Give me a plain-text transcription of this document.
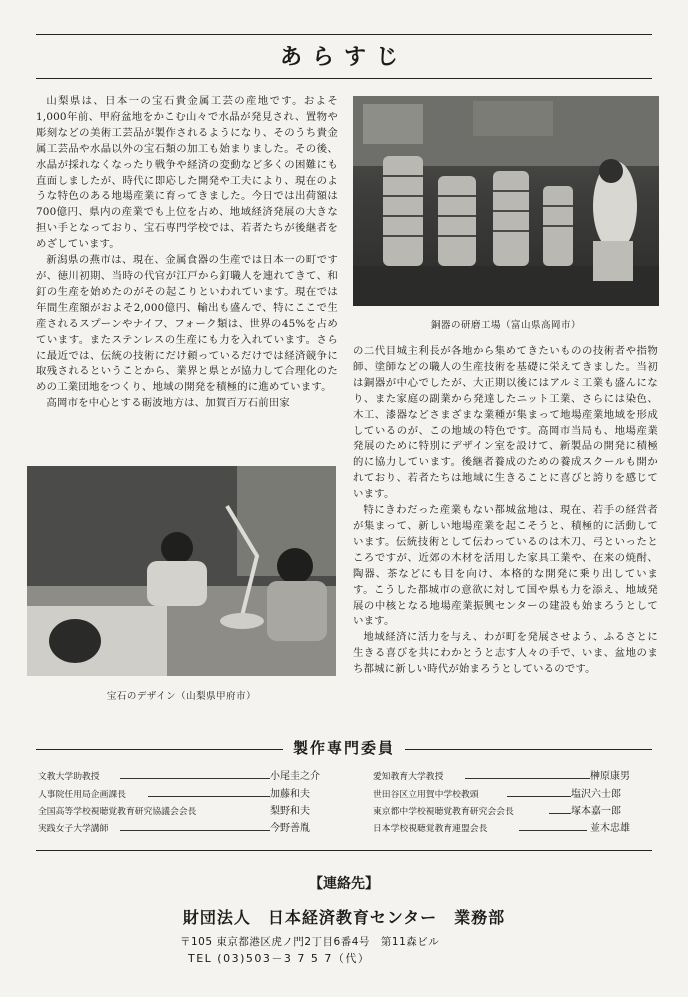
あらすじ

山梨県は、日本一の宝石貴金属工芸の産地です。およそ1,000年前、甲府盆地をかこむ山々で水晶が発見され、置物や彫刻などの美術工芸品が製作されるようになり、そのうち貴金属工芸品や水晶以外の宝石類の加工も始まりました。その後、水晶が採れなくなったり戦争や経済の変動など多くの困難にも直面しましたが、時代に即応した開発や工夫により、現在のような特色のある地場産業に育ってきました。今日では出荷額は700億円、県内の産業でも上位を占め、地域経済発展の大きな担い手となっており、宝石専門学校では、若者たちが後継者をめざしています。

新潟県の燕市は、現在、金属食器の生産では日本一の町ですが、徳川初期、当時の代官が江戸から釘職人を連れてきて、和釘の生産を始めたのがその起こりといわれています。現在では年間生産額がおよそ2,000億円、輸出も盛んで、特にここで生産されるスプーンやナイフ、フォーク類は、世界の45%を占めています。またステンレスの生産にも力を入れています。さらに最近では、伝統の技術にだけ頼っているだけでは経済競争に取残されるということから、業界と県とが協力して合理化のための工業団地をつくり、地域の開発を積極的に進めています。

高岡市を中心とする砺波地方は、加賀百万石前田家

銅器の研磨工場（富山県高岡市）
宝石のデザイン（山梨県甲府市）

の二代目城主利長が各地から集めてきたいものの技術者や指物師、塗師などの職人の生産技術を基礎に栄えてきました。当初は銅器が中心でしたが、大正期以後にはアルミ工業も盛んになり、また家庭の副業から発達したニット工業、さらには染色、木工、漆器などさまざまな業種が集まって地場産業地域を形成しているのが、この地域の特色です。高岡市当局も、地場産業発展のために特別にデザイン室を設けて、新製品の開発に積極的に協力しています。後継者養成のための養成スクールも開かれており、若者たちは地域に生きることに喜びと誇りを感じています。

特にきわだった産業もない都城盆地は、現在、若手の経営者が集まって、新しい地場産業を起こそうと、積極的に活動しています。伝統技術として伝わっているのは木刀、弓といったところですが、近郊の木材を活用した家具工業や、在来の焼酎、陶器、茶などにも目を向け、本格的な開発に乗り出しています。こうした都城市の意欲に対して国や県も力を添え、地域発展の中核となる地場産業振興センターの建設も始まろうとしています。

地域経済に活力を与え、わが町を発展させよう、ふるさとに生きる喜びを共にわかとうと志す人々の手で、いま、盆地のまち都城に新しい時代が始まろうとしているのです。

製作専門委員
文教大学助教授	小尾圭之介
人事院任用局企画課長	加藤和夫
全国高等学校視聴覚教育研究協議会会長	梨野和夫
実践女子大学講師	今野善胤
愛知教育大学教授	榊原康男
世田谷区立用賀中学校教頭	塩沢六士郎
東京都中学校視聴覚教育研究会会長	塚本嘉一郎
日本学校視聴覚教育連盟会長	並木忠雄
【連絡先】
財団法人　日本経済教育センター　業務部
〒105 東京都港区虎ノ門2丁目6番4号　第11森ビル
TEL (03)503－3 7 5 7（代）
